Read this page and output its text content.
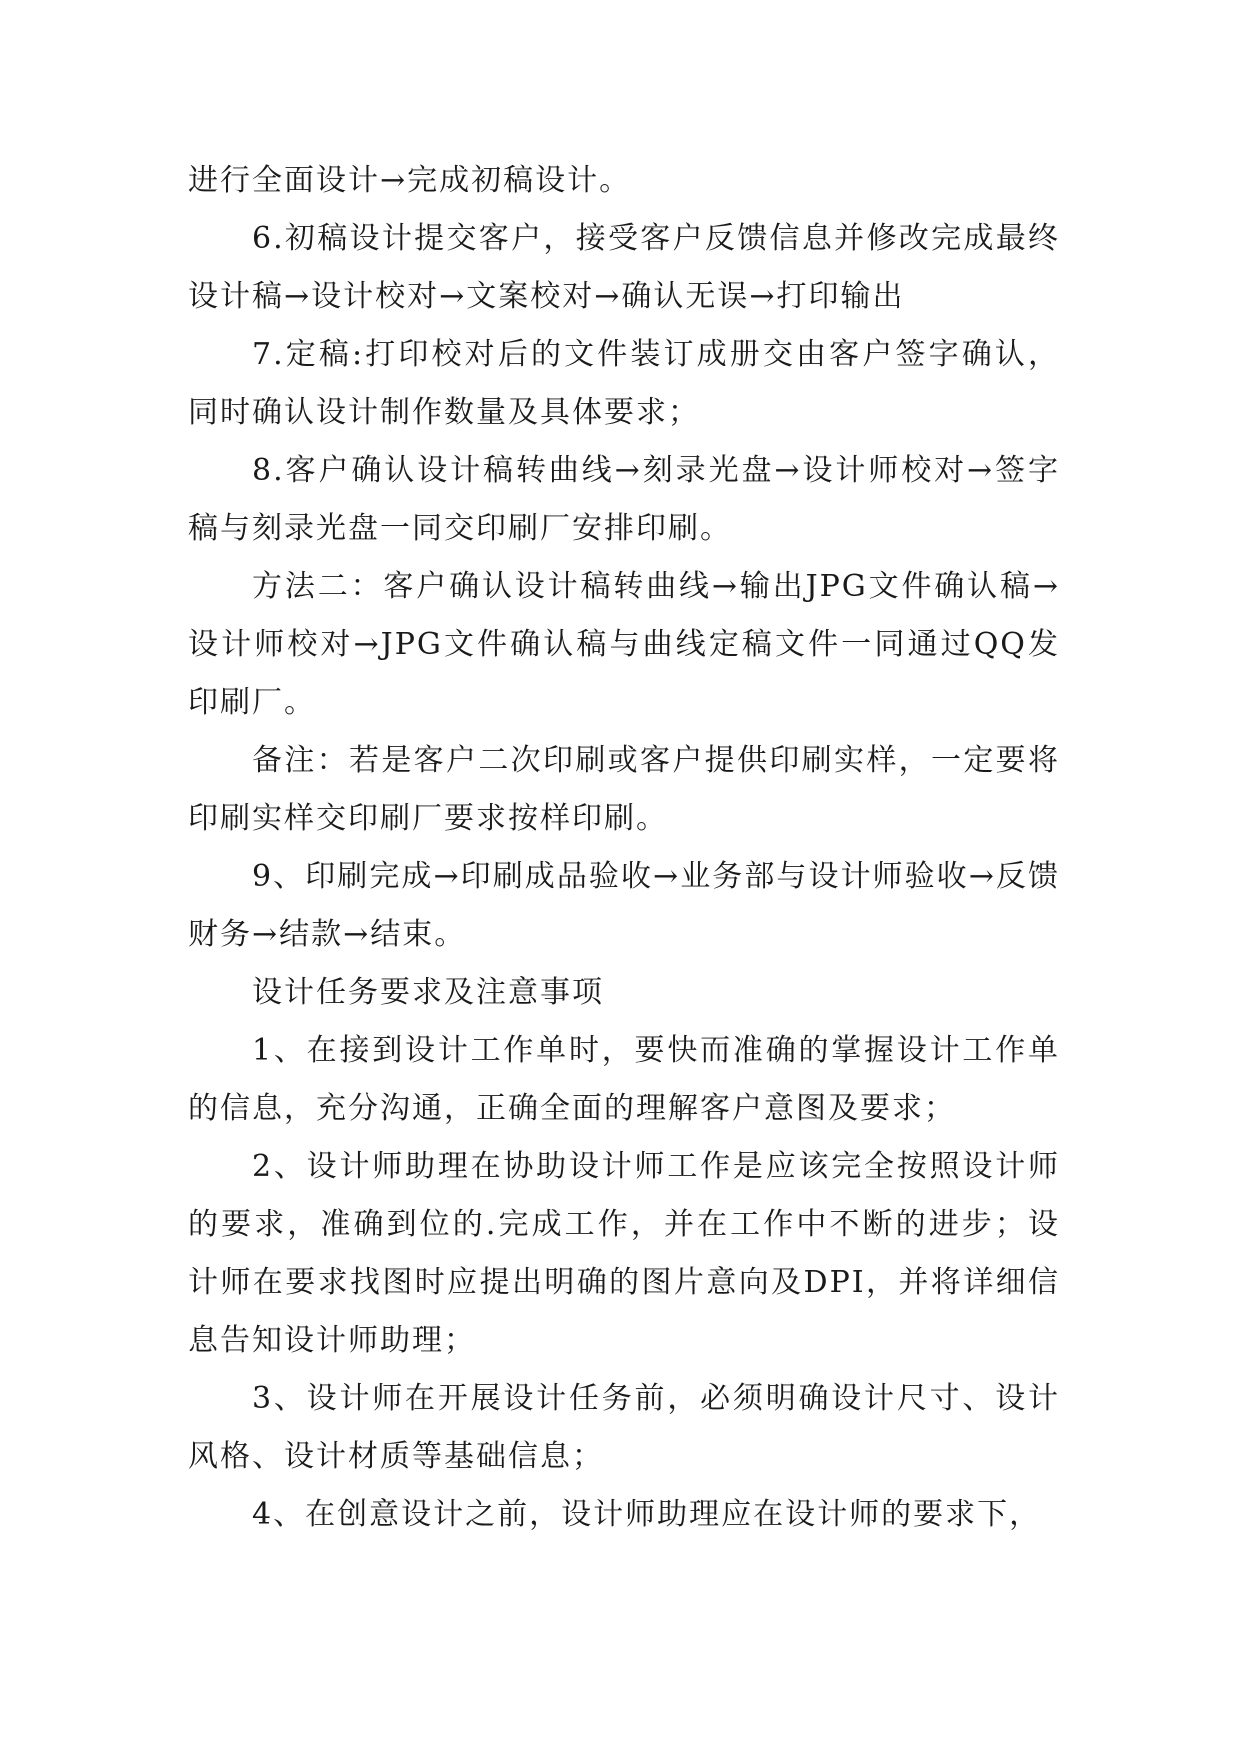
进行全面设计→完成初稿设计。

6.初稿设计提交客户，接受客户反馈信息并修改完成最终设计稿→设计校对→文案校对→确认无误→打印输出

7.定稿:打印校对后的文件装订成册交由客户签字确认，同时确认设计制作数量及具体要求；

8.客户确认设计稿转曲线→刻录光盘→设计师校对→签字稿与刻录光盘一同交印刷厂安排印刷。

方法二：客户确认设计稿转曲线→输出JPG文件确认稿→设计师校对→JPG文件确认稿与曲线定稿文件一同通过QQ发印刷厂。

备注：若是客户二次印刷或客户提供印刷实样，一定要将印刷实样交印刷厂要求按样印刷。

9、印刷完成→印刷成品验收→业务部与设计师验收→反馈财务→结款→结束。

设计任务要求及注意事项

1、在接到设计工作单时，要快而准确的掌握设计工作单的信息，充分沟通，正确全面的理解客户意图及要求；

2、设计师助理在协助设计师工作是应该完全按照设计师的要求，准确到位的.完成工作，并在工作中不断的进步；设计师在要求找图时应提出明确的图片意向及DPI，并将详细信息告知设计师助理；

3、设计师在开展设计任务前，必须明确设计尺寸、设计风格、设计材质等基础信息；

4、在创意设计之前，设计师助理应在设计师的要求下，
